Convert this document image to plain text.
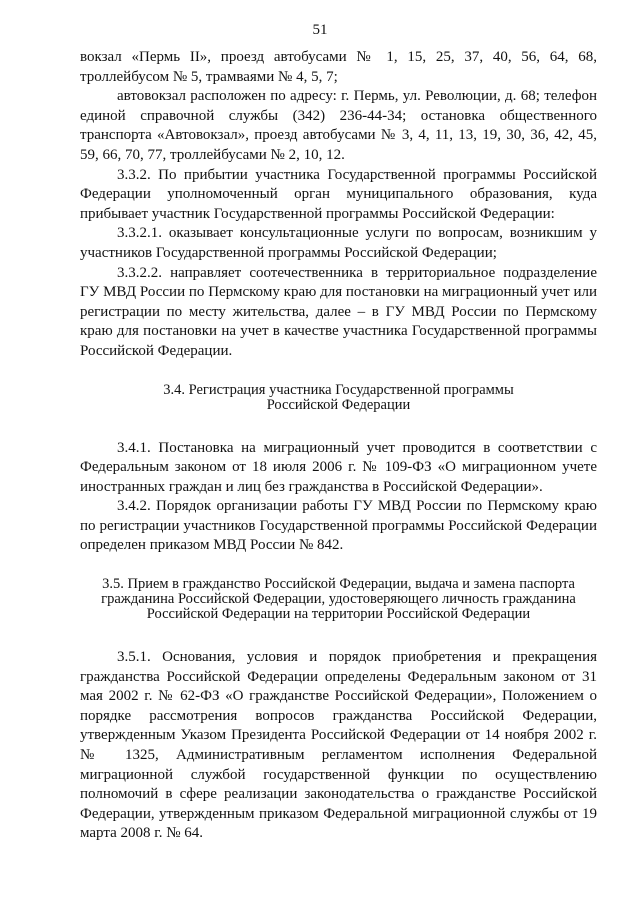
51

вокзал «Пермь II», проезд автобусами № 1, 15, 25, 37, 40, 56, 64, 68, троллейбусом № 5, трамваями № 4, 5, 7;

автовокзал расположен по адресу: г. Пермь, ул. Революции, д. 68; телефон единой справочной службы (342) 236-44-34; остановка общественного транспорта «Автовокзал», проезд автобусами № 3, 4, 11, 13, 19, 30, 36, 42, 45, 59, 66, 70, 77, троллейбусами № 2, 10, 12.

3.3.2. По прибытии участника Государственной программы Российской Федерации уполномоченный орган муниципального образования, куда прибывает участник Государственной программы Российской Федерации:

3.3.2.1. оказывает консультационные услуги по вопросам, возникшим у участников Государственной программы Российской Федерации;

3.3.2.2. направляет соотечественника в территориальное подразделение ГУ МВД России по Пермскому краю для постановки на миграционный учет или регистрации по месту жительства, далее – в ГУ МВД России по Пермскому краю для постановки на учет в качестве участника Государственной программы Российской Федерации.

3.4. Регистрация участника Государственной программы
Российской Федерации

3.4.1. Постановка на миграционный учет проводится в соответствии с Федеральным законом от 18 июля 2006 г. № 109-ФЗ «О миграционном учете иностранных граждан и лиц без гражданства в Российской Федерации».

3.4.2. Порядок организации работы ГУ МВД России по Пермскому краю по регистрации участников Государственной программы Российской Федерации определен приказом МВД России № 842.

3.5. Прием в гражданство Российской Федерации, выдача и замена паспорта
гражданина Российской Федерации, удостоверяющего личность гражданина
Российской Федерации на территории Российской Федерации

3.5.1. Основания, условия и порядок приобретения и прекращения гражданства Российской Федерации определены Федеральным законом от 31 мая 2002 г. № 62-ФЗ «О гражданстве Российской Федерации», Положением о порядке рассмотрения вопросов гражданства Российской Федерации, утвержденным Указом Президента Российской Федерации от 14 ноября 2002 г. № 1325, Административным регламентом исполнения Федеральной миграционной службой государственной функции по осуществлению полномочий в сфере реализации законодательства о гражданстве Российской Федерации, утвержденным приказом Федеральной миграционной службы от 19 марта 2008 г. № 64.
